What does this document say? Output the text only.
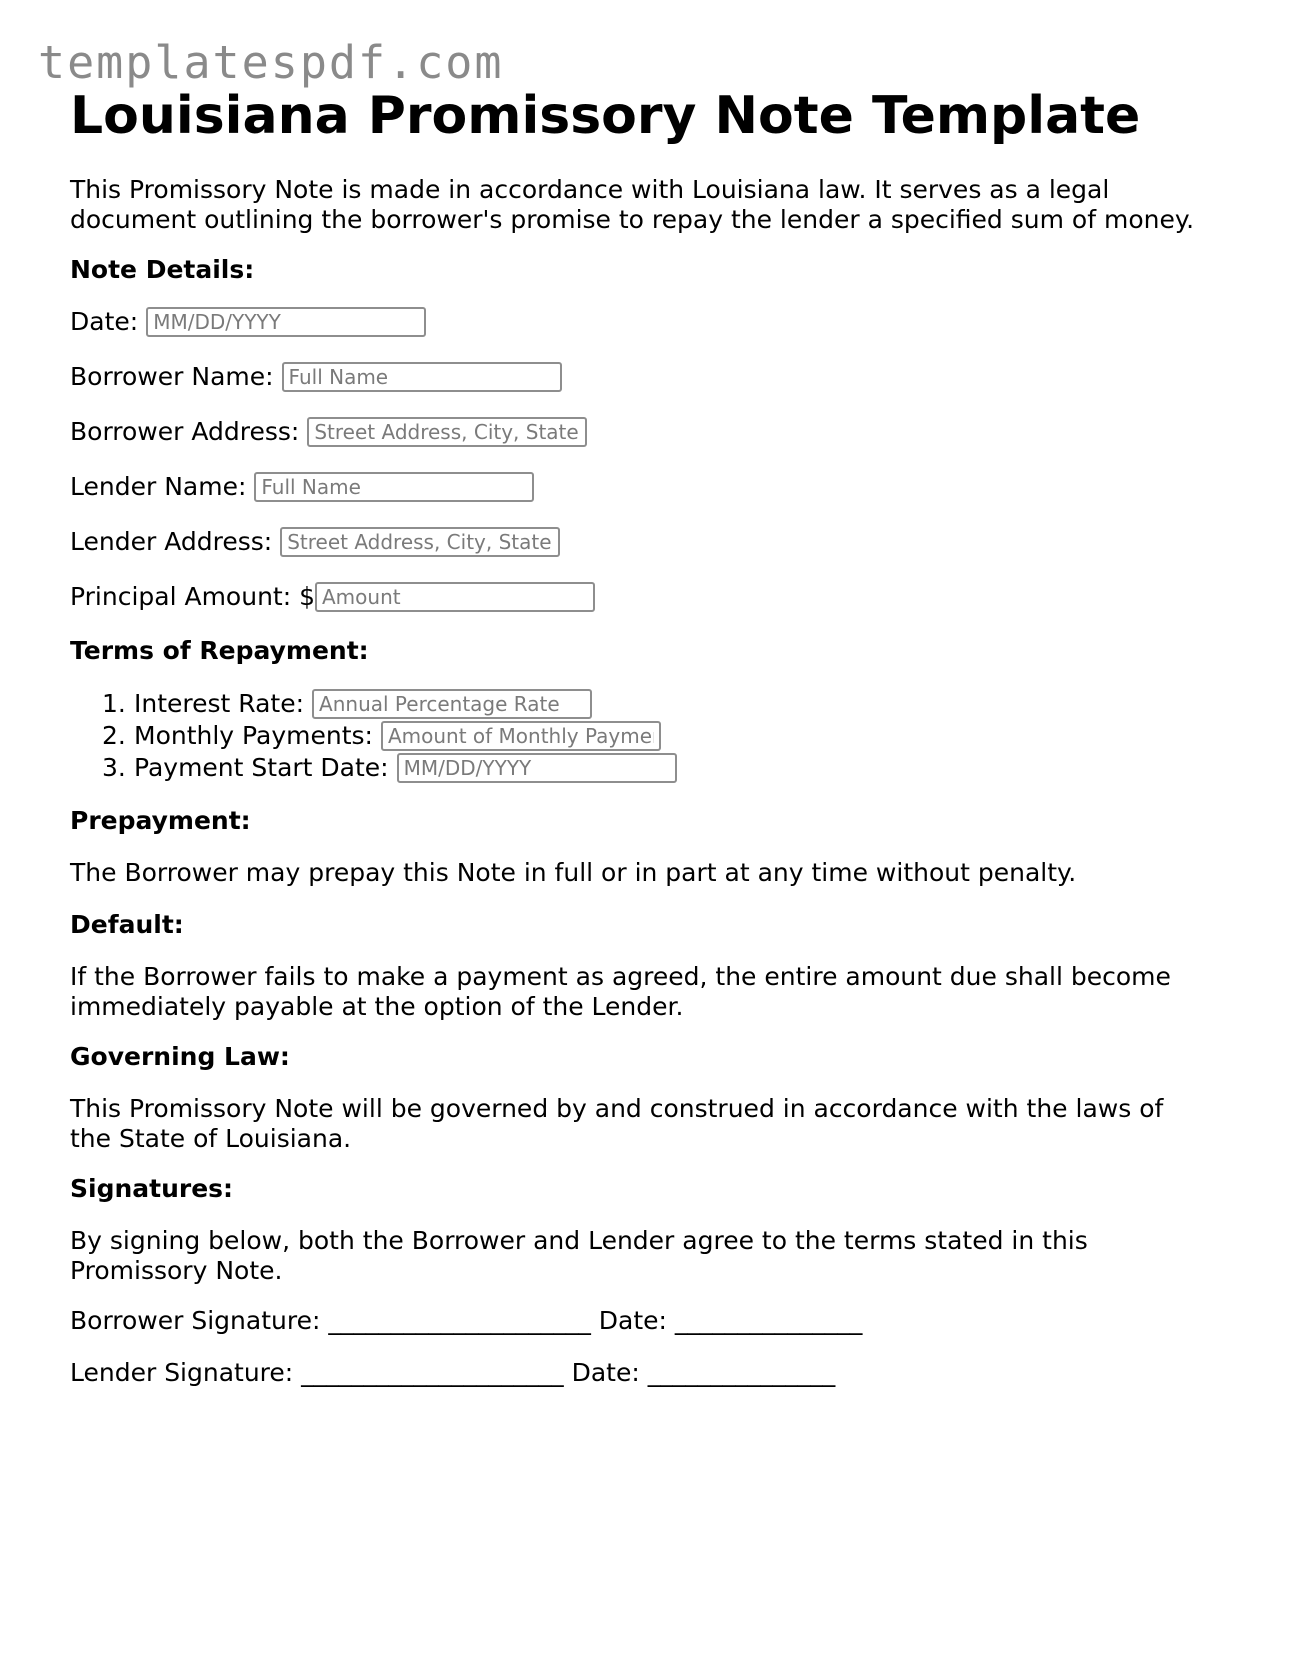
templatespdf.com
Louisiana Promissory Note Template

This Promissory Note is made in accordance with Louisiana law. It serves as a legal
document outlining the borrower's promise to repay the lender a specified sum of money.

Note Details:
Date:
MM/DD/YYYY
Borrower Name:
Full Name
Borrower Address:
Street Address, City, State
Lender Name:
Full Name
Lender Address:
Street Address, City, State
Principal Amount: $
Amount
Terms of Repayment:
1. Interest Rate:
Annual Percentage Rate
2. Monthly Payments:
Amount of Monthly Payment
3. Payment Start Date:
MM/DD/YYYY
Prepayment:

The Borrower may prepay this Note in full or in part at any time without penalty.

Default:

If the Borrower fails to make a payment as agreed, the entire amount due shall become
immediately payable at the option of the Lender.

Governing Law:

This Promissory Note will be governed by and construed in accordance with the laws of
the State of Louisiana.

Signatures:

By signing below, both the Borrower and Lender agree to the terms stated in this
Promissory Note.

Borrower Signature: _____________________ Date: _______________
Lender Signature: _____________________ Date: _______________
